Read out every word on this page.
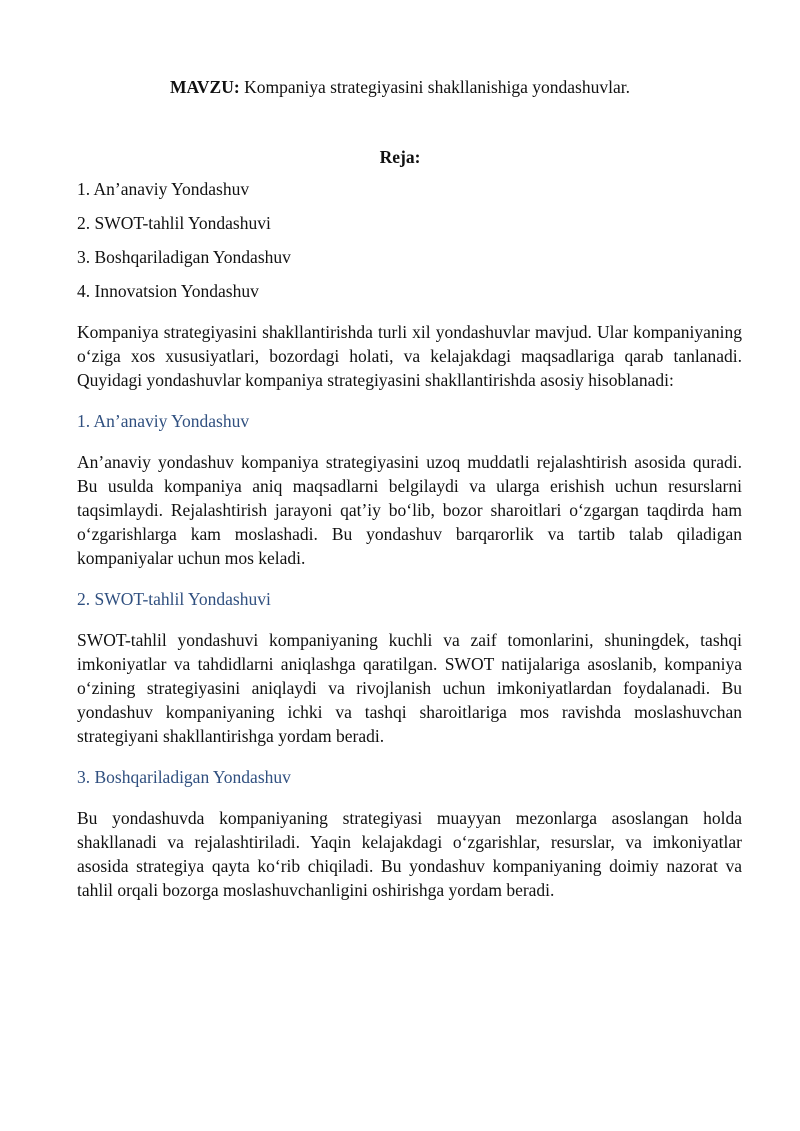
MAVZU: Kompaniya strategiyasini shakllanishiga yondashuvlar.
Reja:
1. An’anaviy Yondashuv
2. SWOT-tahlil Yondashuvi
3. Boshqariladigan Yondashuv
4. Innovatsion Yondashuv

Kompaniya strategiyasini shakllantirishda turli xil yondashuvlar mavjud. Ular kompaniyaning o‘ziga xos xususiyatlari, bozordagi holati, va kelajakdagi maqsadlariga qarab tanlanadi. Quyidagi yondashuvlar kompaniya strategiyasini shakllantirishda asosiy hisoblanadi:

1. An’anaviy Yondashuv

An’anaviy yondashuv kompaniya strategiyasini uzoq muddatli rejalashtirish asosida quradi. Bu usulda kompaniya aniq maqsadlarni belgilaydi va ularga erishish uchun resurslarni taqsimlaydi. Rejalashtirish jarayoni qat’iy bo‘lib, bozor sharoitlari o‘zgargan taqdirda ham o‘zgarishlarga kam moslashadi. Bu yondashuv barqarorlik va tartib talab qiladigan kompaniyalar uchun mos keladi.

2. SWOT-tahlil Yondashuvi

SWOT-tahlil yondashuvi kompaniyaning kuchli va zaif tomonlarini, shuningdek, tashqi imkoniyatlar va tahdidlarni aniqlashga qaratilgan. SWOT natijalariga asoslanib, kompaniya o‘zining strategiyasini aniqlaydi va rivojlanish uchun imkoniyatlardan foydalanadi. Bu yondashuv kompaniyaning ichki va tashqi sharoitlariga mos ravishda moslashuvchan strategiyani shakllantirishga yordam beradi.

3. Boshqariladigan Yondashuv

Bu yondashuvda kompaniyaning strategiyasi muayyan mezonlarga asoslangan holda shakllanadi va rejalashtiriladi. Yaqin kelajakdagi o‘zgarishlar, resurslar, va imkoniyatlar asosida strategiya qayta ko‘rib chiqiladi. Bu yondashuv kompaniyaning doimiy nazorat va tahlil orqali bozorga moslashuvchanligini oshirishga yordam beradi.
